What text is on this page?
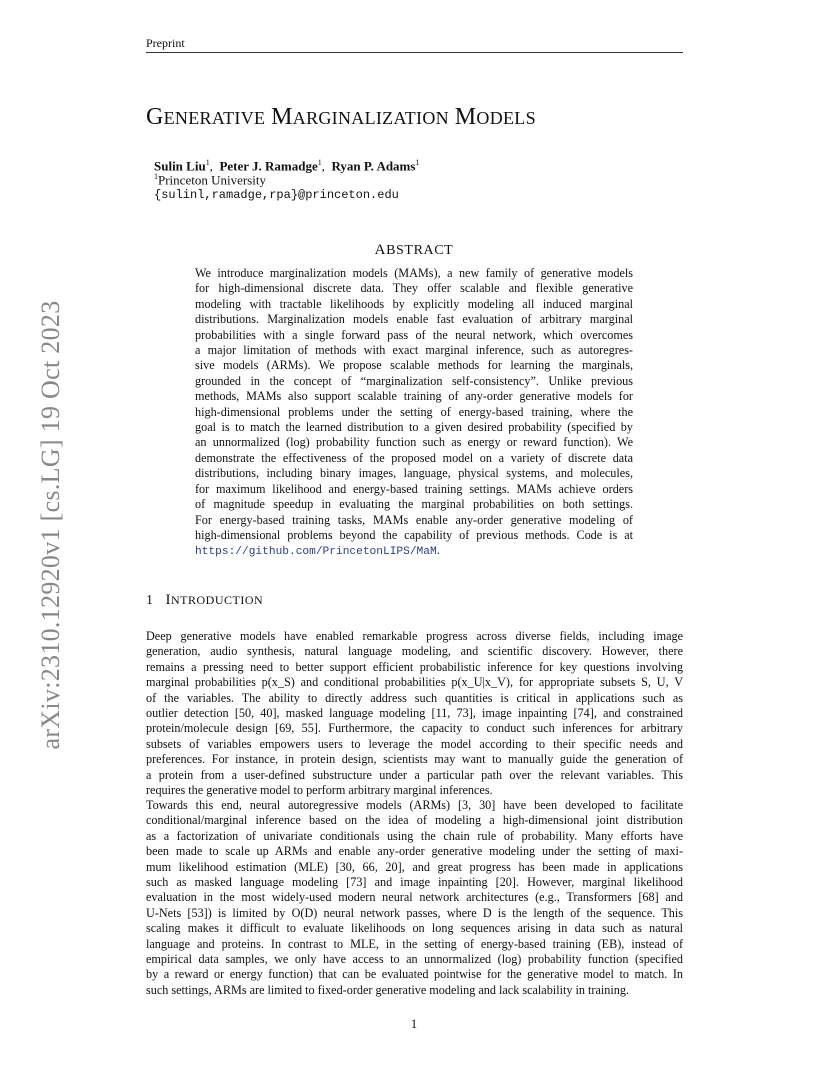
Preprint
arXiv:2310.12920v1 [cs.LG] 19 Oct 2023
GENERATIVE MARGINALIZATION MODELS
Sulin Liu$^1$,  Peter J. Ramadge$^1$,  Ryan P. Adams$^1$
$^1$Princeton University
{sulinl,ramadge,rpa}@princeton.edu
ABSTRACT
We introduce marginalization models (MAMs), a new family of generative models
for high-dimensional discrete data. They offer scalable and flexible generative
modeling with tractable likelihoods by explicitly modeling all induced marginal
distributions. Marginalization models enable fast evaluation of arbitrary marginal
probabilities with a single forward pass of the neural network, which overcomes
a major limitation of methods with exact marginal inference, such as autoregres-
sive models (ARMs). We propose scalable methods for learning the marginals,
grounded in the concept of “marginalization self-consistency”. Unlike previous
methods, MAMs also support scalable training of any-order generative models for
high-dimensional problems under the setting of energy-based training, where the
goal is to match the learned distribution to a given desired probability (specified by
an unnormalized (log) probability function such as energy or reward function). We
demonstrate the effectiveness of the proposed model on a variety of discrete data
distributions, including binary images, language, physical systems, and molecules,
for maximum likelihood and energy-based training settings. MAMs achieve orders
of magnitude speedup in evaluating the marginal probabilities on both settings.
For energy-based training tasks, MAMs enable any-order generative modeling of
high-dimensional problems beyond the capability of previous methods. Code is at
https://github.com/PrincetonLIPS/MaM.
1 INTRODUCTION
Deep generative models have enabled remarkable progress across diverse fields, including image
generation, audio synthesis, natural language modeling, and scientific discovery. However, there
remains a pressing need to better support efficient probabilistic inference for key questions involving
marginal probabilities p(x_S) and conditional probabilities p(x_U|x_V), for appropriate subsets S, U, V
of the variables. The ability to directly address such quantities is critical in applications such as
outlier detection [50, 40], masked language modeling [11, 73], image inpainting [74], and constrained
protein/molecule design [69, 55]. Furthermore, the capacity to conduct such inferences for arbitrary
subsets of variables empowers users to leverage the model according to their specific needs and
preferences. For instance, in protein design, scientists may want to manually guide the generation of
a protein from a user-defined substructure under a particular path over the relevant variables. This
requires the generative model to perform arbitrary marginal inferences.
Towards this end, neural autoregressive models (ARMs) [3, 30] have been developed to facilitate
conditional/marginal inference based on the idea of modeling a high-dimensional joint distribution
as a factorization of univariate conditionals using the chain rule of probability. Many efforts have
been made to scale up ARMs and enable any-order generative modeling under the setting of maxi-
mum likelihood estimation (MLE) [30, 66, 20], and great progress has been made in applications
such as masked language modeling [73] and image inpainting [20]. However, marginal likelihood
evaluation in the most widely-used modern neural network architectures (e.g., Transformers [68] and
U-Nets [53]) is limited by O(D) neural network passes, where D is the length of the sequence. This
scaling makes it difficult to evaluate likelihoods on long sequences arising in data such as natural
language and proteins. In contrast to MLE, in the setting of energy-based training (EB), instead of
empirical data samples, we only have access to an unnormalized (log) probability function (specified
by a reward or energy function) that can be evaluated pointwise for the generative model to match. In
such settings, ARMs are limited to fixed-order generative modeling and lack scalability in training.
1
